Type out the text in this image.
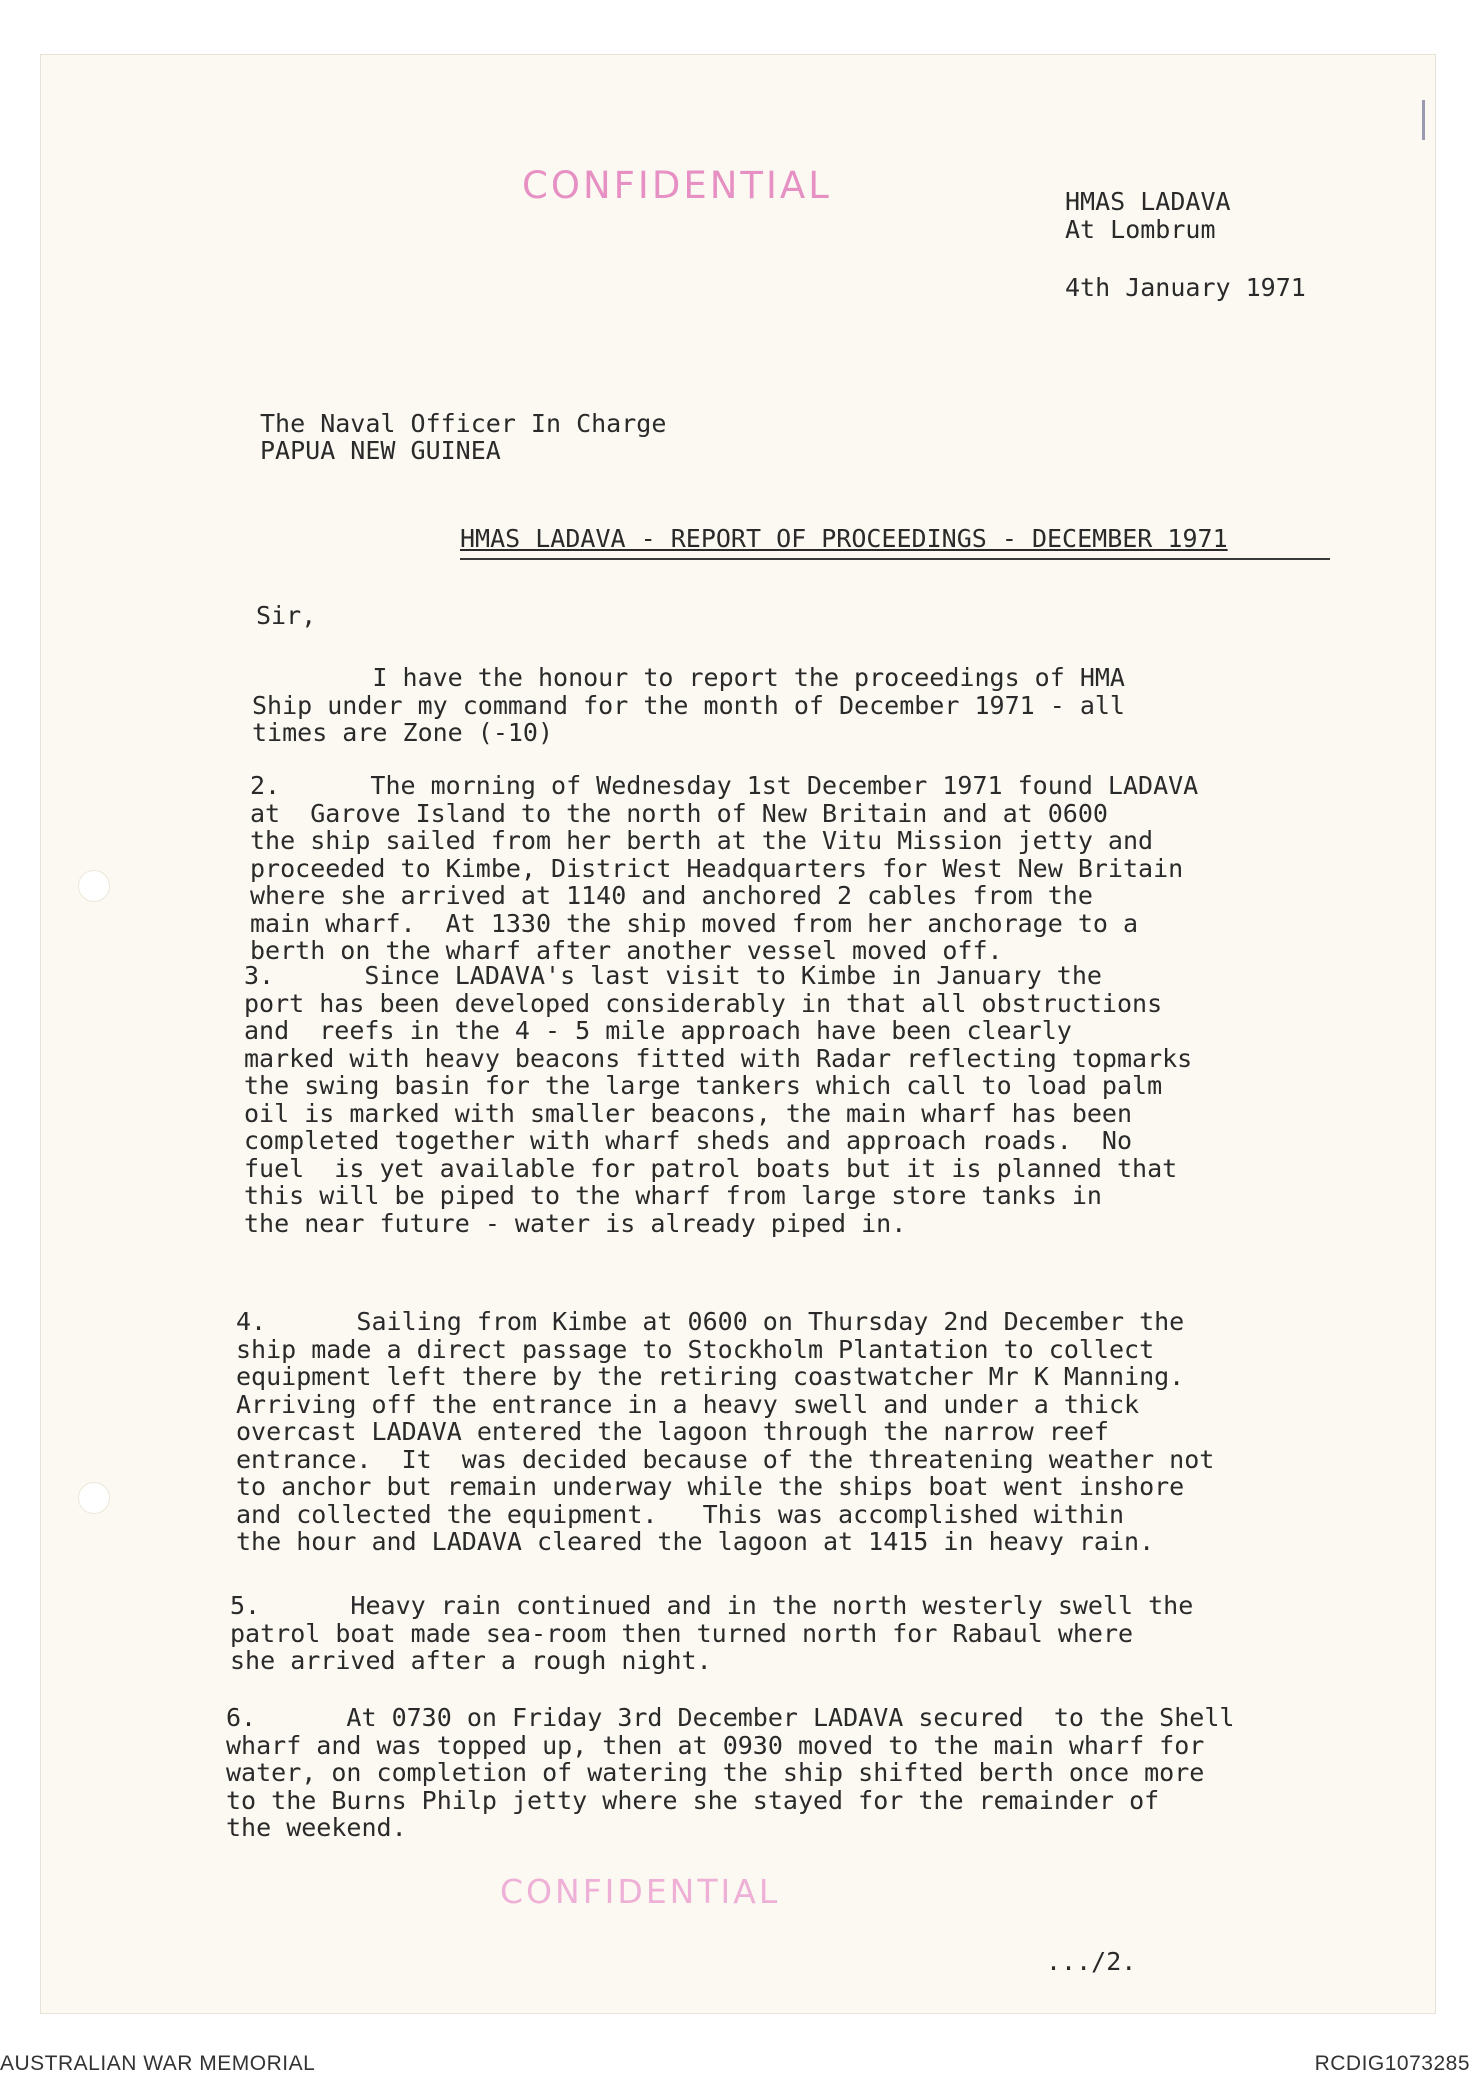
CONFIDENTIAL	HMAS LADAVA
At Lombrum
4th January 1971
The Naval Officer In Charge
PAPUA NEW GUINEA
HMAS LADAVA - REPORT OF PROCEEDINGS - DECEMBER 1971
Sir,
I have the honour to report the proceedings of HMA
Ship under my command for the month of December 1971 - all
times are Zone (-10)
2.      The morning of Wednesday 1st December 1971 found LADAVA
at  Garove Island to the north of New Britain and at 0600
the ship sailed from her berth at the Vitu Mission jetty and
proceeded to Kimbe, District Headquarters for West New Britain
where she arrived at 1140 and anchored 2 cables from the
main wharf.  At 1330 the ship moved from her anchorage to a
berth on the wharf after another vessel moved off.
3.      Since LADAVA's last visit to Kimbe in January the
port has been developed considerably in that all obstructions
and  reefs in the 4 - 5 mile approach have been clearly
marked with heavy beacons fitted with Radar reflecting topmarks
the swing basin for the large tankers which call to load palm
oil is marked with smaller beacons, the main wharf has been
completed together with wharf sheds and approach roads.  No
fuel  is yet available for patrol boats but it is planned that
this will be piped to the wharf from large store tanks in
the near future - water is already piped in.
4.      Sailing from Kimbe at 0600 on Thursday 2nd December the
ship made a direct passage to Stockholm Plantation to collect
equipment left there by the retiring coastwatcher Mr K Manning.
Arriving off the entrance in a heavy swell and under a thick
overcast LADAVA entered the lagoon through the narrow reef
entrance.  It  was decided because of the threatening weather not
to anchor but remain underway while the ships boat went inshore
and collected the equipment.   This was accomplished within
the hour and LADAVA cleared the lagoon at 1415 in heavy rain.
5.      Heavy rain continued and in the north westerly swell the
patrol boat made sea-room then turned north for Rabaul where
she arrived after a rough night.
6.      At 0730 on Friday 3rd December LADAVA secured  to the Shell
wharf and was topped up, then at 0930 moved to the main wharf for
water, on completion of watering the ship shifted berth once more
to the Burns Philp jetty where she stayed for the remainder of
the weekend.
CONFIDENTIAL
.../2.
AUSTRALIAN WAR MEMORIAL	RCDIG1073285
